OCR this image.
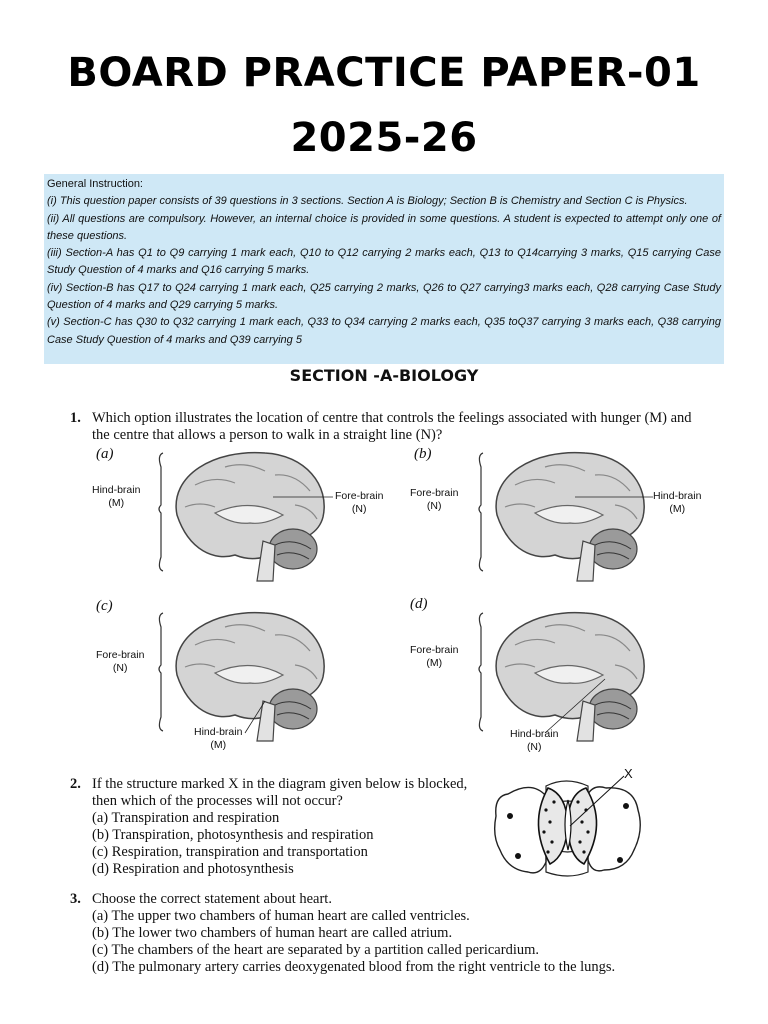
BOARD PRACTICE PAPER-01
2025-26

General Instruction:

(i) This question paper consists of 39 questions in 3 sections. Section A is Biology; Section B is Chemistry and Section C is Physics.

(ii) All questions are compulsory. However, an internal choice is provided in some questions. A student is expected to attempt only one of these questions.

(iii) Section-A has Q1 to Q9 carrying 1 mark each, Q10 to Q12 carrying 2 marks each, Q13 to Q14carrying 3 marks, Q15 carrying Case Study Question of 4 marks and Q16 carrying 5 marks.

(iv) Section-B has Q17 to Q24 carrying 1 mark each, Q25 carrying 2 marks, Q26 to Q27 carrying3 marks each, Q28 carrying Case Study Question of 4 marks and Q29 carrying 5 marks.

(v) Section-C has Q30 to Q32 carrying 1 mark each, Q33 to Q34 carrying 2 marks each, Q35 toQ37 carrying 3 marks each, Q38 carrying Case Study Question of 4 marks and Q39 carrying 5

SECTION -A-BIOLOGY
1. Which option illustrates the location of centre that controls the feelings associated with hunger (M) and the centre that allows a person to walk in a straight line (N)?
(a)	(b)
(c)	(d)
Hind-brain
(M)
Fore-brain
(N)
Fore-brain
(N)
Hind-brain
(M)
Fore-brain
(N)
Hind-brain
(M)
Fore-brain
(M)
Hind-brain
(N)
2. If the structure marked X in the diagram given below is blocked, then which of the processes will not occur?
(a) Transpiration and respiration
(b) Transpiration, photosynthesis and respiration
(c) Respiration, transpiration and transportation
(d) Respiration and photosynthesis
X
3. Choose the correct statement about heart.
(a) The upper two chambers of human heart are called ventricles.
(b) The lower two chambers of human heart are called atrium.
(c) The chambers of the heart are separated by a partition called pericardium.
(d) The pulmonary artery carries deoxygenated blood from the right ventricle to the lungs.
